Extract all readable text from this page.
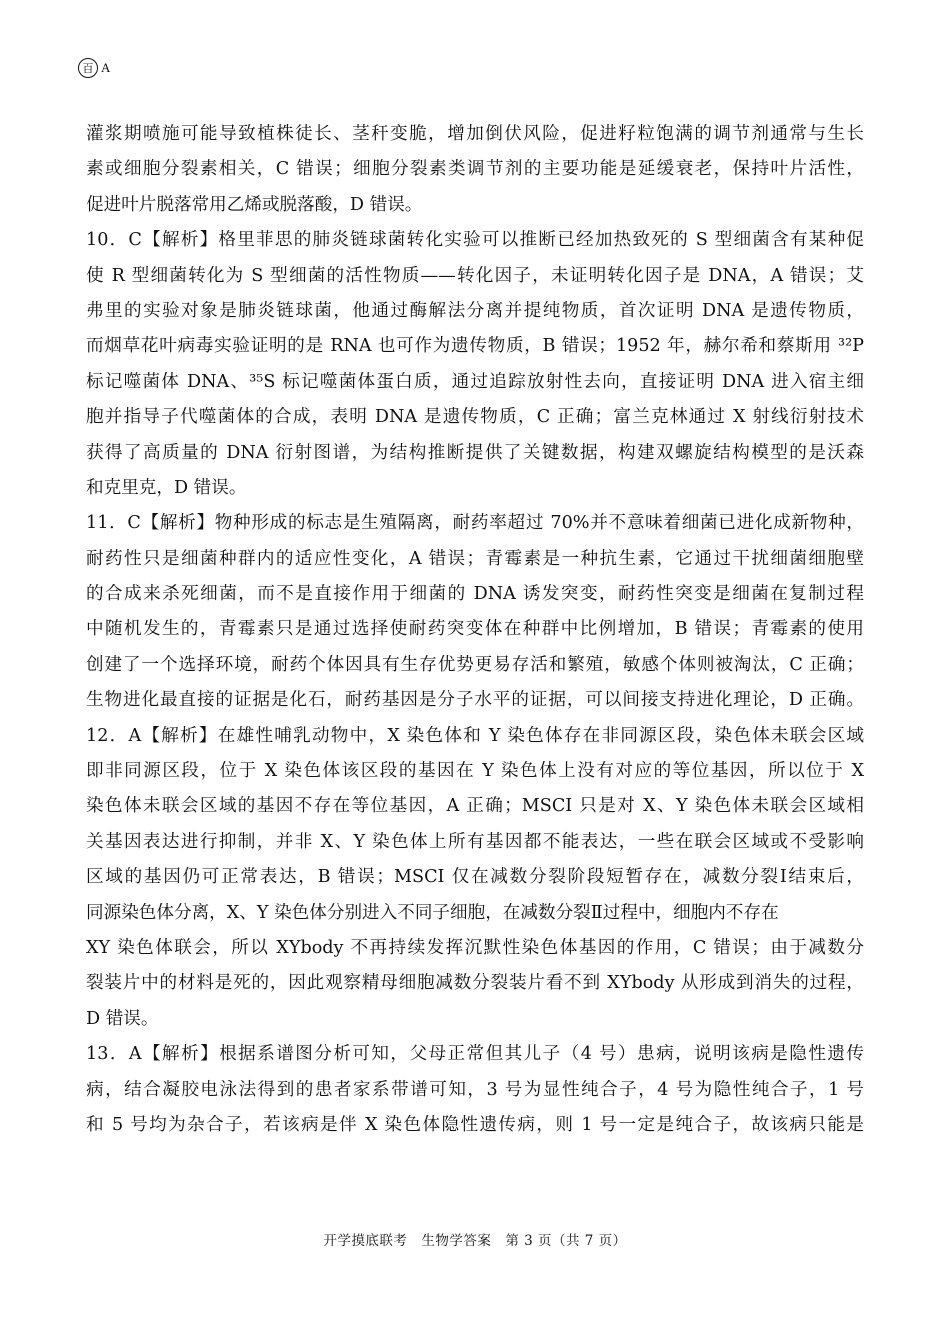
百 A
灌浆期喷施可能导致植株徒长、茎秆变脆，增加倒伏风险，促进籽粒饱满的调节剂通常与生长
素或细胞分裂素相关，C 错误；细胞分裂素类调节剂的主要功能是延缓衰老，保持叶片活性，
促进叶片脱落常用乙烯或脱落酸，D 错误。
10．C【解析】格里菲思的肺炎链球菌转化实验可以推断已经加热致死的 S 型细菌含有某种促
使 R 型细菌转化为 S 型细菌的活性物质——转化因子，未证明转化因子是 DNA，A 错误；艾
弗里的实验对象是肺炎链球菌，他通过酶解法分离并提纯物质，首次证明 DNA 是遗传物质，
而烟草花叶病毒实验证明的是 RNA 也可作为遗传物质，B 错误；1952 年，赫尔希和蔡斯用 ³²P
标记噬菌体 DNA、³⁵S 标记噬菌体蛋白质，通过追踪放射性去向，直接证明 DNA 进入宿主细
胞并指导子代噬菌体的合成，表明 DNA 是遗传物质，C 正确；富兰克林通过 X 射线衍射技术
获得了高质量的 DNA 衍射图谱，为结构推断提供了关键数据，构建双螺旋结构模型的是沃森
和克里克，D 错误。
11．C【解析】物种形成的标志是生殖隔离，耐药率超过 70%并不意味着细菌已进化成新物种，
耐药性只是细菌种群内的适应性变化，A 错误；青霉素是一种抗生素，它通过干扰细菌细胞壁
的合成来杀死细菌，而不是直接作用于细菌的 DNA 诱发突变，耐药性突变是细菌在复制过程
中随机发生的，青霉素只是通过选择使耐药突变体在种群中比例增加，B 错误；青霉素的使用
创建了一个选择环境，耐药个体因具有生存优势更易存活和繁殖，敏感个体则被淘汰，C 正确；
生物进化最直接的证据是化石，耐药基因是分子水平的证据，可以间接支持进化理论，D 正确。
12．A【解析】在雄性哺乳动物中，X 染色体和 Y 染色体存在非同源区段，染色体未联会区域
即非同源区段，位于 X 染色体该区段的基因在 Y 染色体上没有对应的等位基因，所以位于 X
染色体未联会区域的基因不存在等位基因，A 正确；MSCI 只是对 X、Y 染色体未联会区域相
关基因表达进行抑制，并非 X、Y 染色体上所有基因都不能表达，一些在联会区域或不受影响
区域的基因仍可正常表达，B 错误；MSCI 仅在减数分裂阶段短暂存在，减数分裂Ⅰ结束后，
同源染色体分离，X、Y 染色体分别进入不同子细胞，在减数分裂Ⅱ过程中，细胞内不存在
XY 染色体联会，所以 XYbody 不再持续发挥沉默性染色体基因的作用，C 错误；由于减数分
裂装片中的材料是死的，因此观察精母细胞减数分裂装片看不到 XYbody 从形成到消失的过程，
D 错误。
13．A【解析】根据系谱图分析可知，父母正常但其儿子（4 号）患病，说明该病是隐性遗传
病，结合凝胶电泳法得到的患者家系带谱可知，3 号为显性纯合子，4 号为隐性纯合子，1 号
和 5 号均为杂合子，若该病是伴 X 染色体隐性遗传病，则 1 号一定是纯合子，故该病只能是
开学摸底联考　生物学答案　第 3 页（共 7 页）
